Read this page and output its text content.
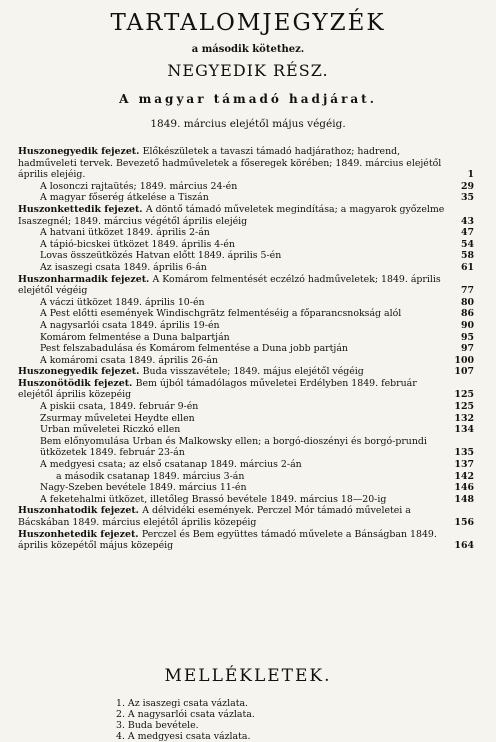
TARTALOMJEGYZÉK
a második kötethez.
NEGYEDIK RÉSZ.
A magyar támadó hadjárat.
1849. március elejétől május végéig.
Huszonegyedik fejezet. Előkészületek a tavaszi támadó hadjárathoz; hadrend, hadműveleti tervek. Bevezető hadműveletek a főseregek körében; 1849. március elejétől április elejéig.	1
A losonczi rajtaütés; 1849. március 24-én	29
A magyar főserég átkelése a Tiszán	35
Huszonkettedik fejezet. A döntő támadó műveletek megindítása; a magyarok győzelme Isaszegnél; 1849. március végétől április elejéig	43
A hatvani ütközet 1849. április 2-án	47
A tápió-bicskei ütközet 1849. április 4-én	54
Lovas összeütközés Hatvan előtt 1849. április 5-én	58
Az isaszegi csata 1849. április 6-án	61
Huszonharmadik fejezet. A Komárom felmentését eczélzó hadműveletek; 1849. április elejétől végéig	77
A váczi ütközet 1849. április 10-én	80
A Pest előtti események Windischgrätz felmentéséig a főparancsnokság alól	86
A nagysarlói csata 1849. április 19-én	90
Komárom felmentése a Duna balpartján	95
Pest felszabadulása és Komárom felmentése a Duna jobb partján	97
A komáromi csata 1849. április 26-án	100
Huszonegyedik fejezet. Buda visszavétele; 1849. május elejétől végéig	107
Huszonötödik fejezet. Bem újból támadólagos műveletei Erdélyben 1849. február elejétől április közepéig	125
A piskii csata, 1849. február 9-én	125
Zsurmay műveletei Heydte ellen	132
Urban műveletei Riczkó ellen	134
Bem előnyomulása Urban és Malkowsky ellen; a borgó-dioszényi és borgó-prundi ütközetek 1849. február 23-án	135
A medgyesi csata; az első csatanap 1849. március 2-án	137
a második csatanap 1849. március 3-án	142
Nagy-Szeben bevétele 1849. március 11-én	146
A feketehalmi ütközet, illetőleg Brassó bevétele 1849. március 18—20-ig	148
Huszonhatodik fejezet. A délvidéki események. Perczel Mór támadó műveletei a Bácskában 1849. március elejétől április közepéig	156
Huszonhetedik fejezet. Perczel és Bem együttes támadó művelete a Bánságban 1849. április közepétől május közepéig	164
MELLÉKLETEK.
1. Az isaszegi csata vázlata.
2. A nagysarlói csata vázlata.
3. Buda bevétele.
4. A medgyesi csata vázlata.
